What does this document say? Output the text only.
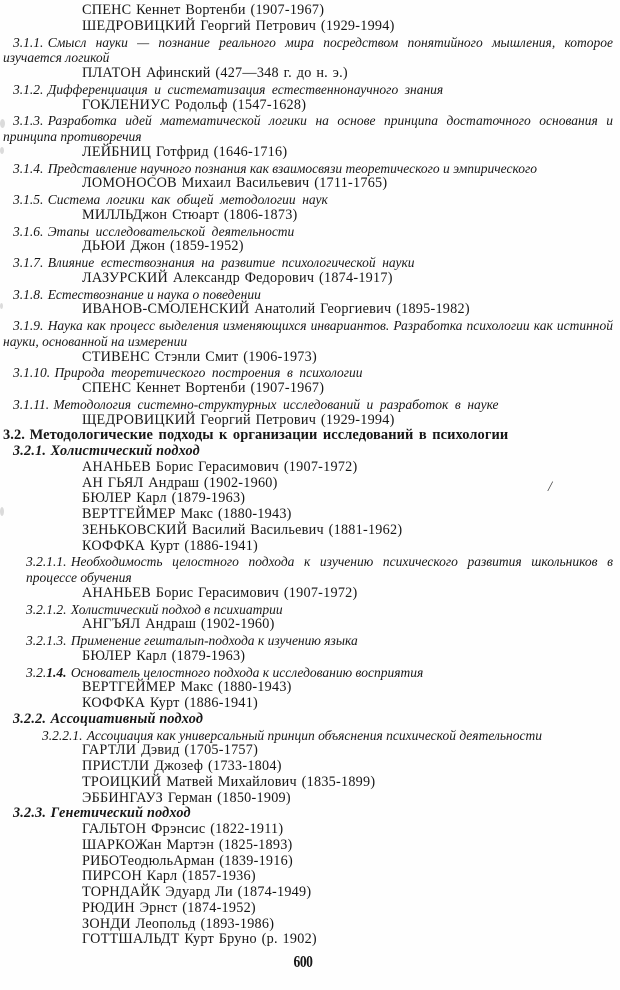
СПЕНС Кеннет Вортенби (1907-1967)
ШЕДРОВИЦКИЙ Георгий Петрович (1929-1994)
3.1.1. Смысл науки — познание реального мира посредством понятийного мышления, которое изучается логикой
ПЛАТОН Афинский (427—348 г. до н. э.)
3.1.2. Дифференциация и систематизация естественнонаучного знания
ГОКЛЕНИУС Родольф (1547-1628)
3.1.3. Разработка идей математической логики на основе принципа достаточного основания и принципа противоречия
ЛЕЙБНИЦ Готфрид (1646-1716)
3.1.4. Представление научного познания как взаимосвязи теоретического и эмпирического
ЛОМОНОСОВ Михаил Васильевич (1711-1765)
3.1.5. Система логики как общей методологии наук
МИЛЛЬДжон Стюарт (1806-1873)
3.1.6. Этапы исследовательской деятельности
ДЬЮИ Джон (1859-1952)
3.1.7. Влияние естествознания на развитие психологической науки
ЛАЗУРСКИЙ Александр Федорович (1874-1917)
3.1.8. Естествознание и наука о поведении
ИВАНОВ-СМОЛЕНСКИЙ Анатолий Георгиевич (1895-1982)
3.1.9. Наука как процесс выделения изменяющихся инвариантов. Разработка психологии как истинной науки, основанной на измерении
СТИВЕНС Стэнли Смит (1906-1973)
3.1.10. Природа теоретического построения в психологии
СПЕНС Кеннет Вортенби (1907-1967)
3.1.11. Методология системно-структурных исследований и разработок в науке
ЩЕДРОВИЦКИЙ Георгий Петрович (1929-1994)
3.2. Методологические подходы к организации исследований в психологии
3.2.1. Холистический подход
АНАНЬЕВ Борис Герасимович (1907-1972)
АН ГЬЯЛ Андраш (1902-1960)
БЮЛЕР Карл (1879-1963)
ВЕРТГЕЙМЕР Макс (1880-1943)
ЗЕНЬКОВСКИЙ Василий Васильевич (1881-1962)
КОФФКА Курт (1886-1941)
3.2.1.1. Необходимость целостного подхода к изучению психического развития школьников в процессе обучения
АНАНЬЕВ Борис Герасимович (1907-1972)
3.2.1.2. Холистический подход в психиатрии
АНГЪЯЛ Андраш (1902-1960)
3.2.1.3. Применение гешталып-подхода к изучению языка
БЮЛЕР Карл (1879-1963)
3.2.1.4. Основатель целостного подхода к исследованию восприятия
ВЕРТГЕЙМЕР Макс (1880-1943)
КОФФКА Курт (1886-1941)
3.2.2. Ассоциативный подход
3.2.2.1. Ассоциация как универсальный принцип объяснения психической деятельности
ГАРТЛИ Дэвид (1705-1757)
ПРИСТЛИ Джозеф (1733-1804)
ТРОИЦКИЙ Матвей Михайлович (1835-1899)
ЭББИНГАУЗ Герман (1850-1909)
3.2.3. Генетический подход
ГАЛЬТОН Фрэнсис (1822-1911)
ШАРКОЖан Мартэн (1825-1893)
РИБОТеодюльАрман (1839-1916)
ПИРСОН Карл (1857-1936)
ТОРНДАЙК Эдуард Ли (1874-1949)
РЮДИН Эрнст (1874-1952)
ЗОНДИ Леопольд (1893-1986)
ГОТТШАЛЬДТ Курт Бруно (р. 1902)
/
600
